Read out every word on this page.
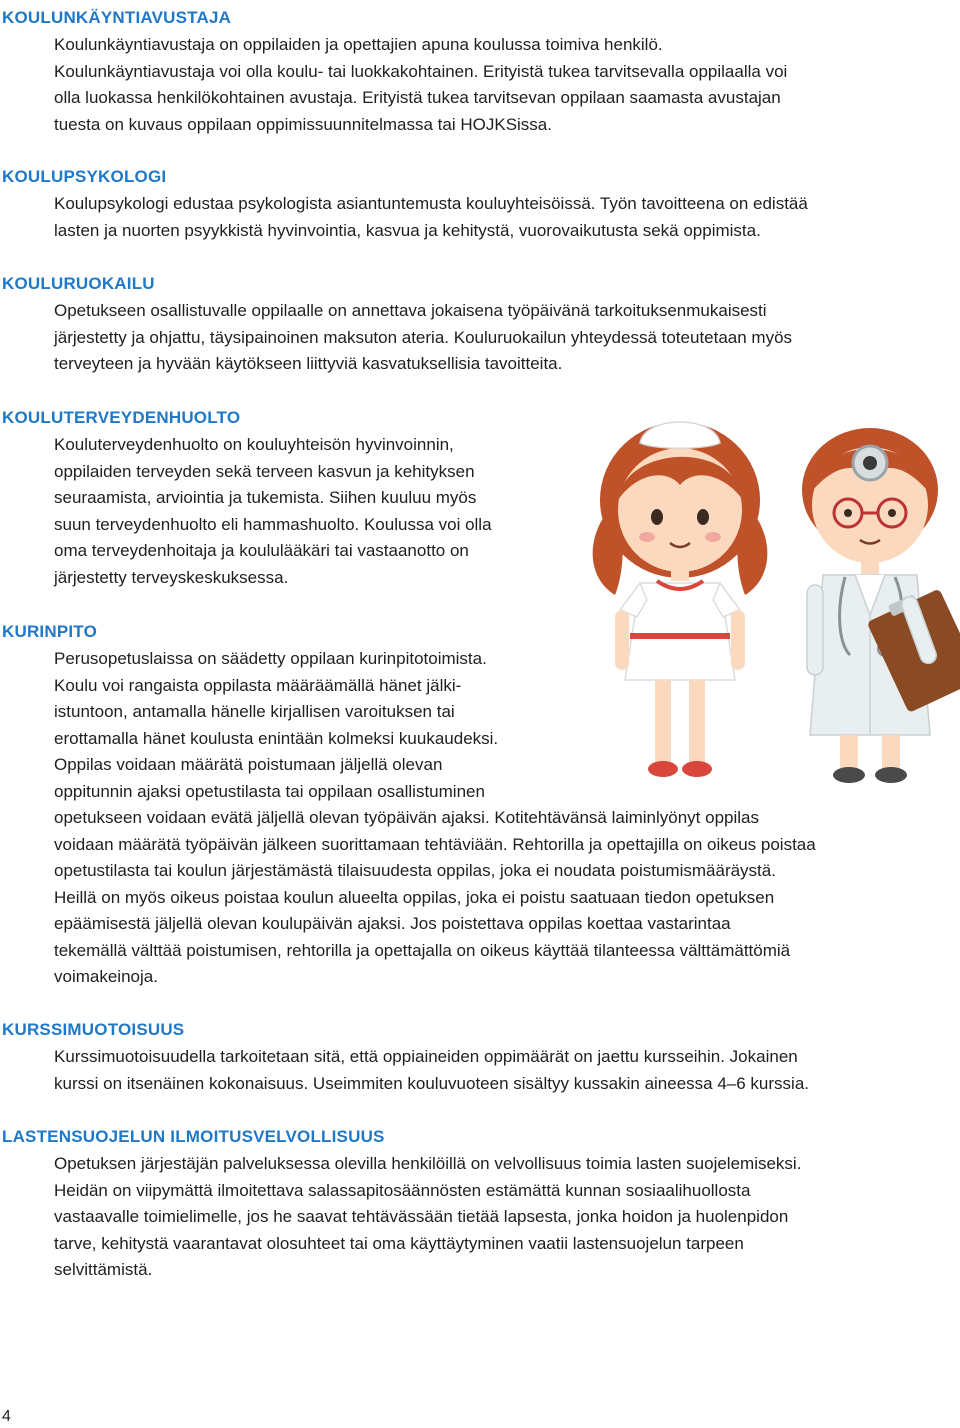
KOULUNKÄYNTIAVUSTAJA

Koulunkäyntiavustaja on oppilaiden ja opettajien apuna koulussa toimiva henkilö.
Koulunkäyntiavustaja voi olla koulu- tai luokkakohtainen. Erityistä tukea tarvitsevalla oppilaalla voi
olla luokassa henkilökohtainen avustaja. Erityistä tukea tarvitsevan oppilaan saamasta avustajan
tuesta on kuvaus oppilaan oppimissuunnitelmassa tai HOJKSissa.

KOULUPSYKOLOGI

Koulupsykologi edustaa psykologista asiantuntemusta kouluyhteisöissä. Työn tavoitteena on edistää
lasten ja nuorten psyykkistä hyvinvointia, kasvua ja kehitystä, vuorovaikutusta sekä oppimista.

KOULURUOKAILU

Opetukseen osallistuvalle oppilaalle on annettava jokaisena työpäivänä tarkoituksenmukaisesti
järjestetty ja ohjattu, täysipainoinen maksuton ateria. Kouluruokailun yhteydessä toteutetaan myös
terveyteen ja hyvään käytökseen liittyviä kasvatuksellisia tavoitteita.

KOULUTERVEYDENHUOLTO

Kouluterveydenhuolto on kouluyhteisön hyvinvoinnin,
oppilaiden terveyden sekä terveen kasvun ja kehityksen
seuraamista, arviointia ja tukemista. Siihen kuuluu myös
suun terveydenhuolto eli hammashuolto. Koulussa voi olla
oma terveydenhoitaja ja koululääkäri tai vastaanotto on
järjestetty terveyskeskuksessa.

KURINPITO

Perusopetuslaissa on säädetty oppilaan kurinpitotoimista.
Koulu voi rangaista oppilasta määräämällä hänet jälki-
istuntoon, antamalla hänelle kirjallisen varoituksen tai
erottamalla hänet koulusta enintään kolmeksi kuukaudeksi.
Oppilas voidaan määrätä poistumaan jäljellä olevan
oppitunnin ajaksi opetustilasta tai oppilaan osallistuminen
opetukseen voidaan evätä jäljellä olevan työpäivän ajaksi. Kotitehtävänsä laiminlyönyt oppilas
voidaan määrätä työpäivän jälkeen suorittamaan tehtäviään. Rehtorilla ja opettajilla on oikeus poistaa
opetustilasta tai koulun järjestämästä tilaisuudesta oppilas, joka ei noudata poistumismääräystä.
Heillä on myös oikeus poistaa koulun alueelta oppilas, joka ei poistu saatuaan tiedon opetuksen
epäämisestä jäljellä olevan koulupäivän ajaksi. Jos poistettava oppilas koettaa vastarintaa
tekemällä välttää poistumisen, rehtorilla ja opettajalla on oikeus käyttää tilanteessa välttämättömiä
voimakeinoja.

KURSSIMUOTOISUUS

Kurssimuotoisuudella tarkoitetaan sitä, että oppiaineiden oppimäärät on jaettu kursseihin. Jokainen
kurssi on itsenäinen kokonaisuus. Useimmiten kouluvuoteen sisältyy kussakin aineessa 4–6 kurssia.

LASTENSUOJELUN ILMOITUSVELVOLLISUUS

Opetuksen järjestäjän palveluksessa olevilla henkilöillä on velvollisuus toimia lasten suojelemiseksi.
Heidän on viipymättä ilmoitettava salassapitosäännösten estämättä kunnan sosiaalihuollosta
vastaavalle toimielimelle, jos he saavat tehtävässään tietää lapsesta, jonka hoidon ja huolenpidon
tarve, kehitystä vaarantavat olosuhteet tai oma käyttäytyminen vaatii lastensuojelun tarpeen
selvittämistä.

4
